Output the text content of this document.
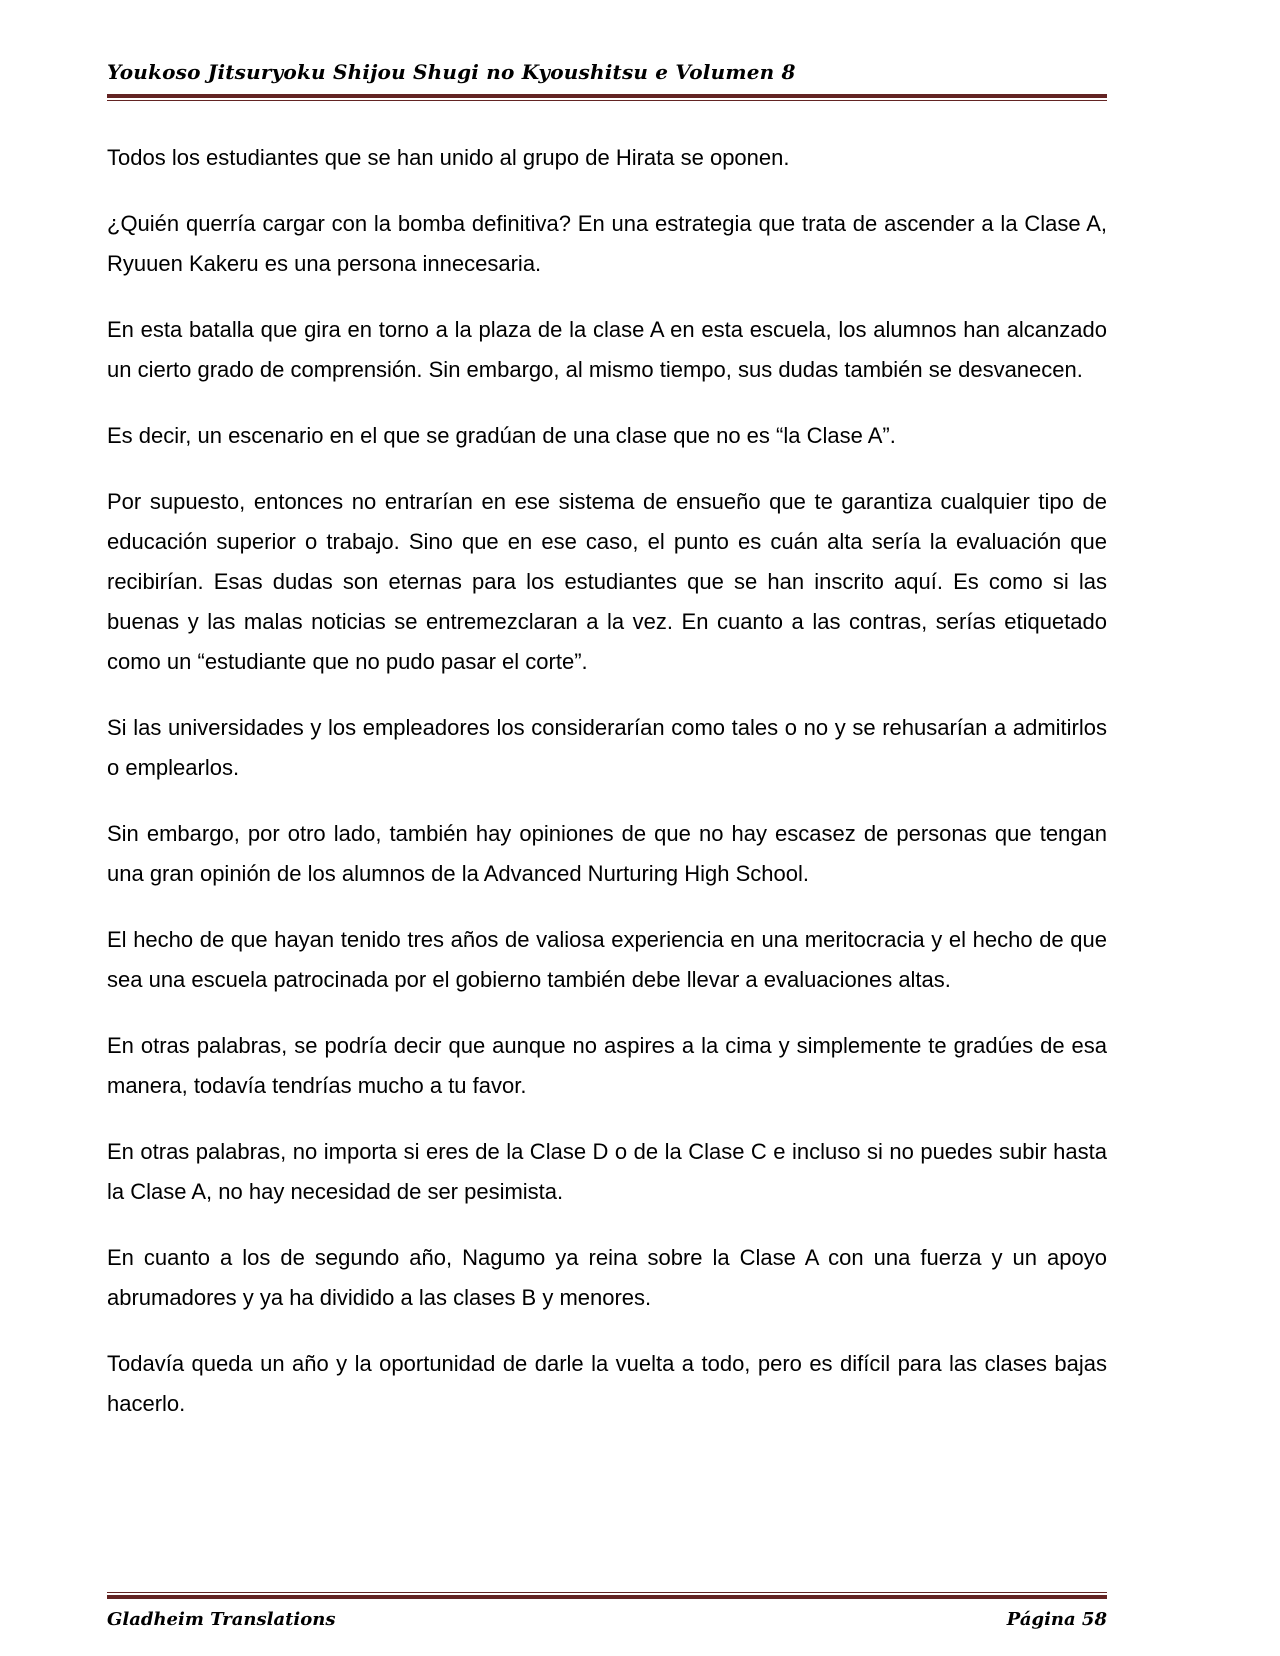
Youkoso Jitsuryoku Shijou Shugi no Kyoushitsu e Volumen 8

Todos los estudiantes que se han unido al grupo de Hirata se oponen.

¿Quién querría cargar con la bomba definitiva? En una estrategia que trata de ascender a la Clase A, Ryuuen Kakeru es una persona innecesaria.

En esta batalla que gira en torno a la plaza de la clase A en esta escuela, los alumnos han alcanzado un cierto grado de comprensión. Sin embargo, al mismo tiempo, sus dudas también se desvanecen.

Es decir, un escenario en el que se gradúan de una clase que no es “la Clase A”.

Por supuesto, entonces no entrarían en ese sistema de ensueño que te garantiza cualquier tipo de educación superior o trabajo. Sino que en ese caso, el punto es cuán alta sería la evaluación que recibirían. Esas dudas son eternas para los estudiantes que se han inscrito aquí. Es como si las buenas y las malas noticias se entremezclaran a la vez. En cuanto a las contras, serías etiquetado como un “estudiante que no pudo pasar el corte”.

Si las universidades y los empleadores los considerarían como tales o no y se rehusarían a admitirlos o emplearlos.

Sin embargo, por otro lado, también hay opiniones de que no hay escasez de personas que tengan una gran opinión de los alumnos de la Advanced Nurturing High School.

El hecho de que hayan tenido tres años de valiosa experiencia en una meritocracia y el hecho de que sea una escuela patrocinada por el gobierno también debe llevar a evaluaciones altas.

En otras palabras, se podría decir que aunque no aspires a la cima y simplemente te gradúes de esa manera, todavía tendrías mucho a tu favor.

En otras palabras, no importa si eres de la Clase D o de la Clase C e incluso si no puedes subir hasta la Clase A, no hay necesidad de ser pesimista.

En cuanto a los de segundo año, Nagumo ya reina sobre la Clase A con una fuerza y un apoyo abrumadores y ya ha dividido a las clases B y menores.

Todavía queda un año y la oportunidad de darle la vuelta a todo, pero es difícil para las clases bajas hacerlo.

Gladheim Translations	Página 58
